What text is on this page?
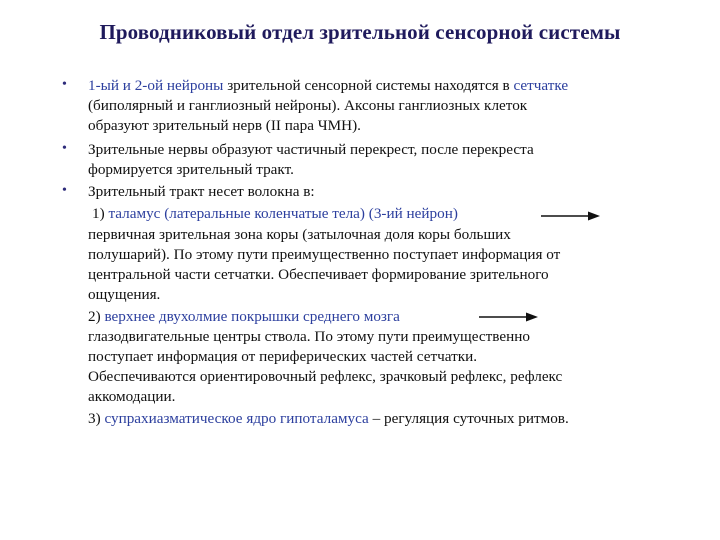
Проводниковый отдел зрительной сенсорной системы
•
•
•
1-ый и 2-ой нейроны зрительной сенсорной системы находятся в сетчатке
(биполярный и ганглиозный нейроны). Аксоны ганглиозных клеток
образуют зрительный нерв (II пара ЧМН).
Зрительные нервы образуют частичный перекрест, после перекреста
формируется зрительный тракт.
Зрительный тракт несет волокна в:
1) таламус (латеральные коленчатые тела) (3-ий нейрон)
первичная зрительная зона коры (затылочная доля коры больших
полушарий). По этому пути преимущественно поступает информация от
центральной части сетчатки. Обеспечивает формирование зрительного
ощущения.
2) верхнее двухолмие покрышки среднего мозга
глазодвигательные центры ствола. По этому пути преимущественно
поступает информация от периферических частей сетчатки.
Обеспечиваются ориентировочный рефлекс, зрачковый рефлекс, рефлекс
аккомодации.
3) супрахиазматическое ядро гипоталамуса – регуляция суточных ритмов.
